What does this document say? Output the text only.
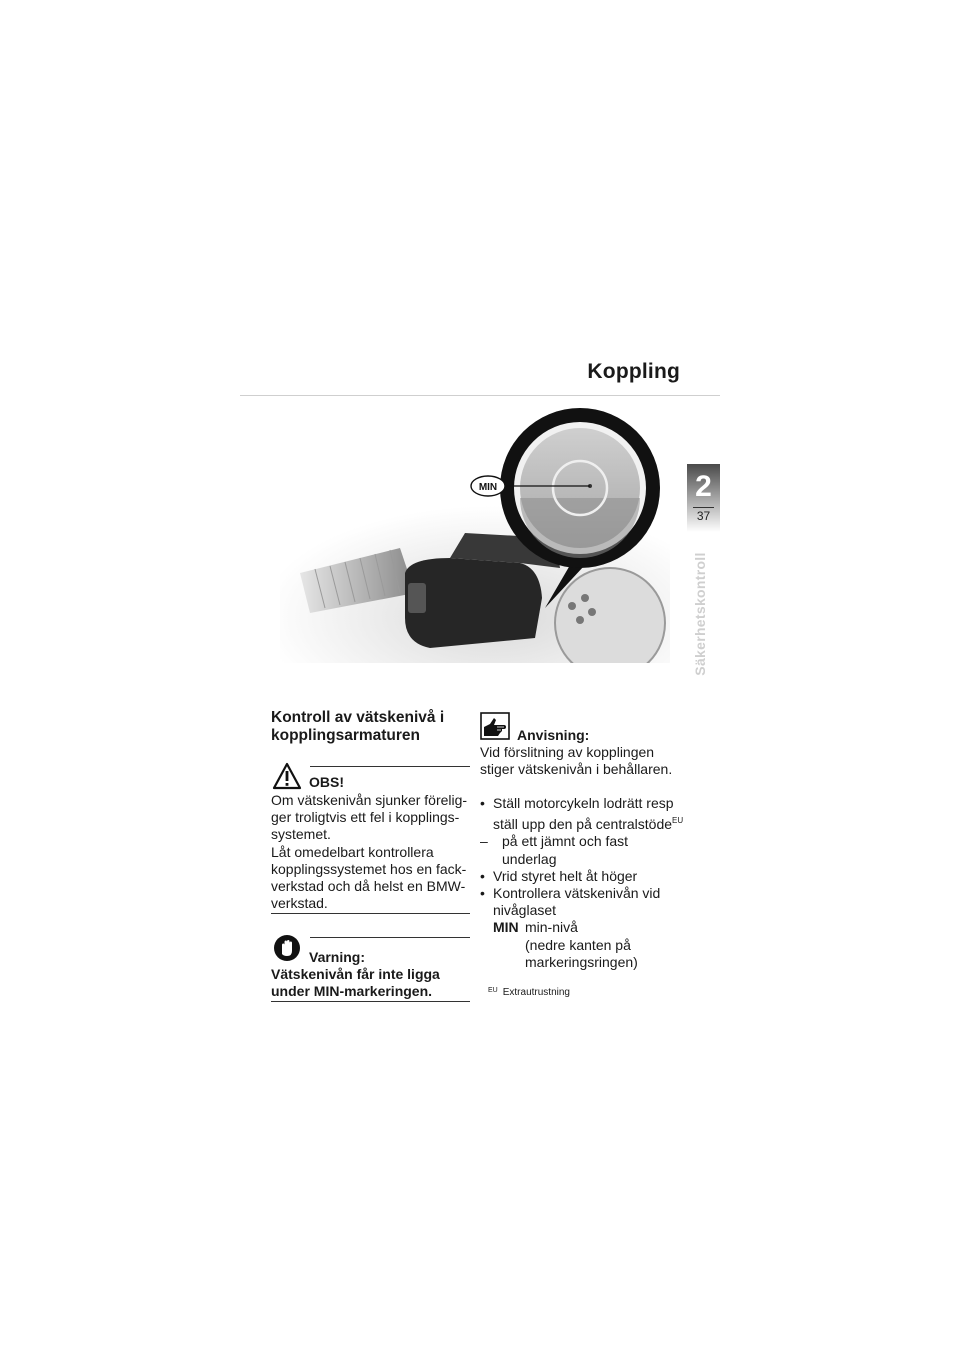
Koppling
2
37
Säkerhetskontroll
MIN
Kontroll av vätskenivå i kopplingsarmaturen
OBS!
Om vätskenivån sjunker förelig-
ger troligtvis ett fel i kopplings-
systemet.
Låt omedelbart kontrollera
kopplingssystemet hos en fack-
verkstad och då helst en BMW-
verkstad.
Varning:
Vätskenivån får inte ligga
under MIN-markeringen.
Anvisning:
Vid förslitning av kopplingen
stiger vätskenivån i behållaren.
• Ställ motorcykeln lodrätt resp
ställ upp den på centralstöde$^{EU}$
– på ett jämnt och fast
underlag
• Vrid styret helt åt höger
• Kontrollera vätskenivån vid
nivåglaset
MIN min-nivå
(nedre kanten på
markeringsringen)
$^{EU}$ Extrautrustning
